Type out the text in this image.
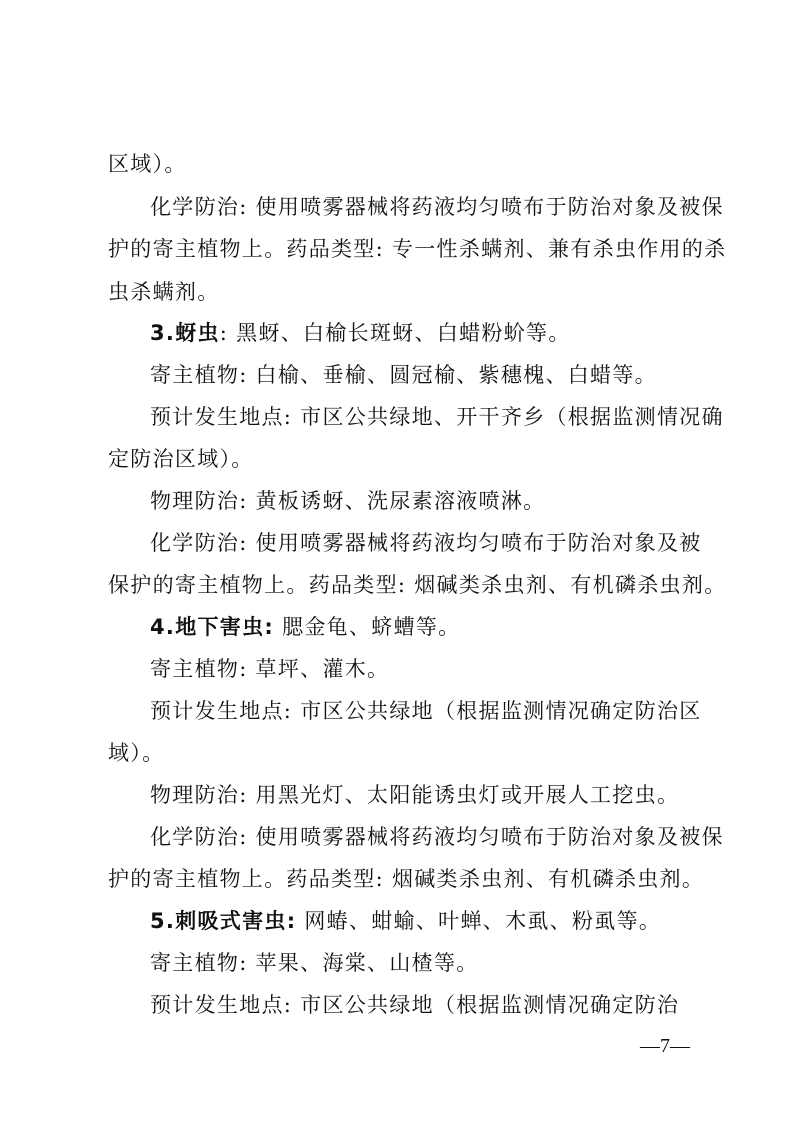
区域）。
化学防治: 使用喷雾器械将药液均匀喷布于防治对象及被保
护的寄主植物上。药品类型: 专一性杀螨剂、兼有杀虫作用的杀
虫杀螨剂。
3.蚜虫: 黑蚜、白榆长斑蚜、白蜡粉蚧等。
寄主植物: 白榆、垂榆、圆冠榆、紫穗槐、白蜡等。
预计发生地点: 市区公共绿地、开干齐乡（根据监测情况确
定防治区域）。
物理防治: 黄板诱蚜、洗尿素溶液喷淋。
化学防治: 使用喷雾器械将药液均匀喷布于防治对象及被
保护的寄主植物上。药品类型: 烟碱类杀虫剂、有机磷杀虫剂。
4.地下害虫: 腮金龟、蛴螬等。
寄主植物: 草坪、灌木。
预计发生地点: 市区公共绿地（根据监测情况确定防治区
域）。
物理防治: 用黑光灯、太阳能诱虫灯或开展人工挖虫。
化学防治: 使用喷雾器械将药液均匀喷布于防治对象及被保
护的寄主植物上。药品类型: 烟碱类杀虫剂、有机磷杀虫剂。
5.刺吸式害虫: 网蝽、蚶蝓、叶蝉、木虱、粉虱等。
寄主植物: 苹果、海棠、山楂等。
预计发生地点: 市区公共绿地（根据监测情况确定防治
—7—
